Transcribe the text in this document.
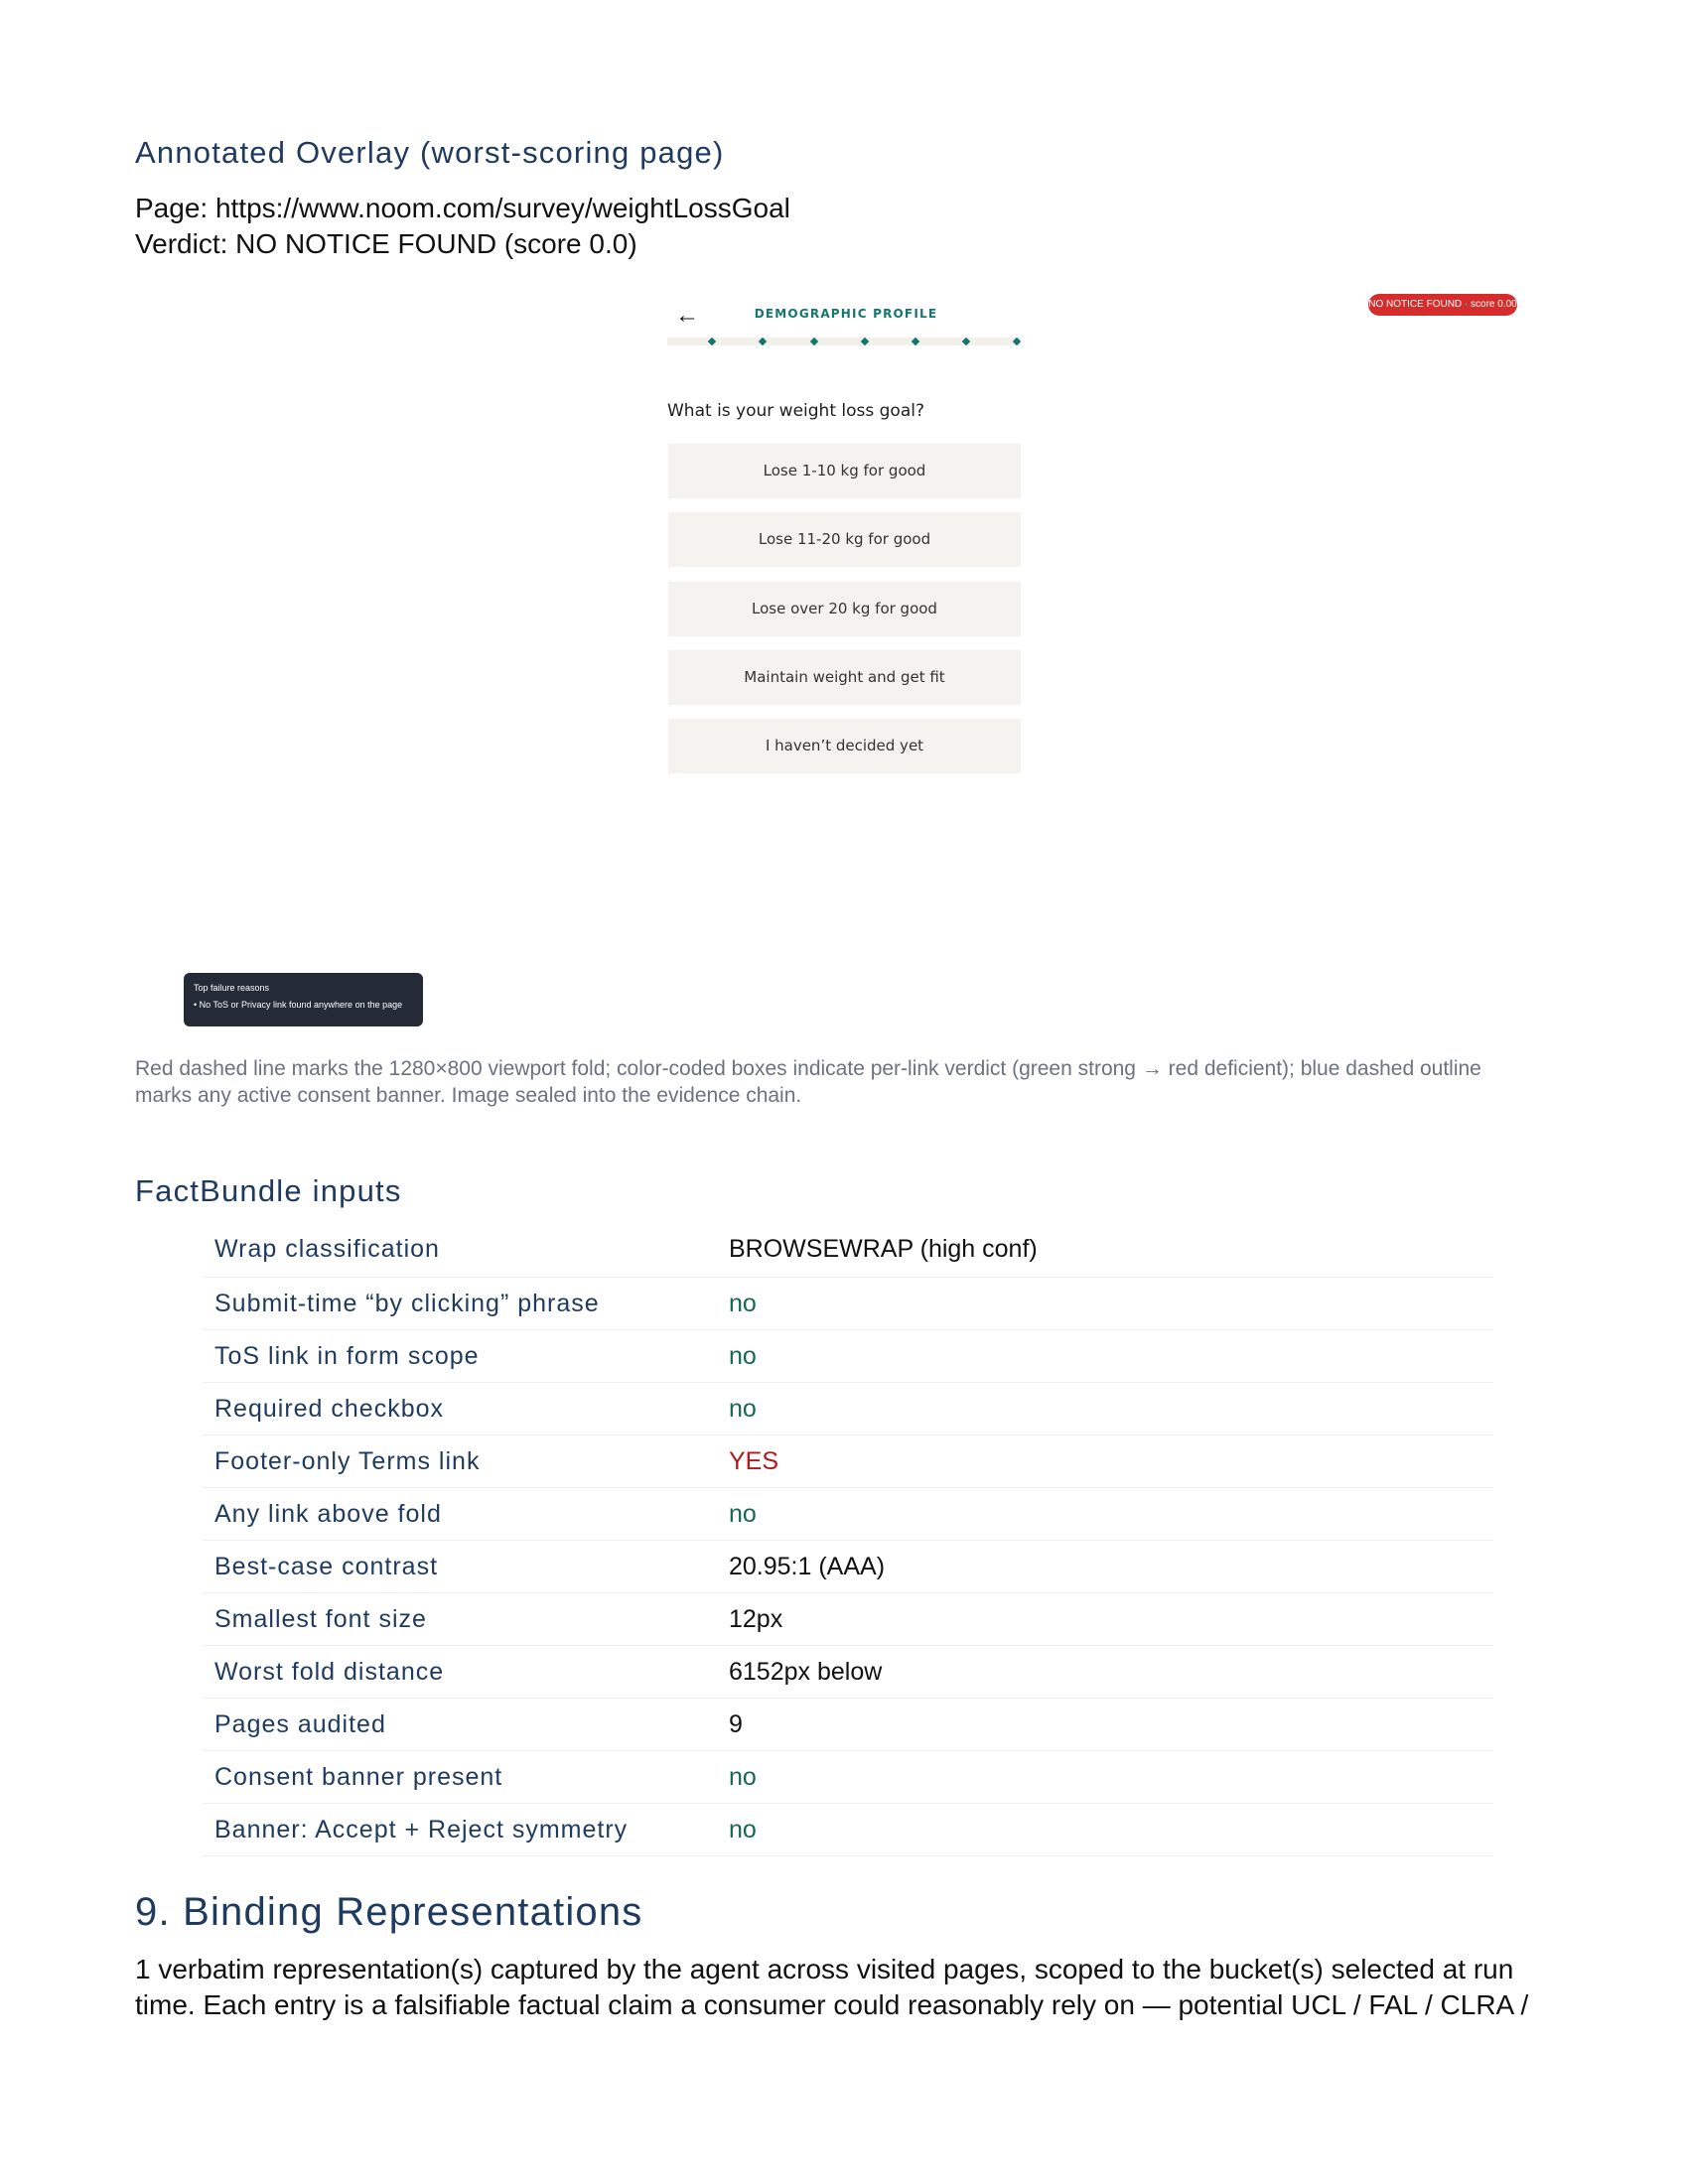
Annotated Overlay (worst-scoring page)
Page: https://www.noom.com/survey/weightLossGoal
Verdict: NO NOTICE FOUND (score 0.0)
←	DEMOGRAPHIC PROFILE
What is your weight loss goal?
Lose 1-10 kg for good
Lose 11-20 kg for good
Lose over 20 kg for good
Maintain weight and get fit
I haven’t decided yet
NO NOTICE FOUND · score 0.00
Top failure reasons
• No ToS or Privacy link found anywhere on the page

Red dashed line marks the 1280×800 viewport fold; color-coded boxes indicate per-link verdict (green strong → red deficient); blue dashed outline marks any active consent banner. Image sealed into the evidence chain.

FactBundle inputs
Wrap classification	BROWSEWRAP (high conf)
Submit-time “by clicking” phrase	no
ToS link in form scope	no
Required checkbox	no
Footer-only Terms link	YES
Any link above fold	no
Best-case contrast	20.95:1 (AAA)
Smallest font size	12px
Worst fold distance	6152px below
Pages audited	9
Consent banner present	no
Banner: Accept + Reject symmetry	no
9. Binding Representations

1 verbatim representation(s) captured by the agent across visited pages, scoped to the bucket(s) selected at run time. Each entry is a falsifiable factual claim a consumer could reasonably rely on — potential UCL / FAL / CLRA /
